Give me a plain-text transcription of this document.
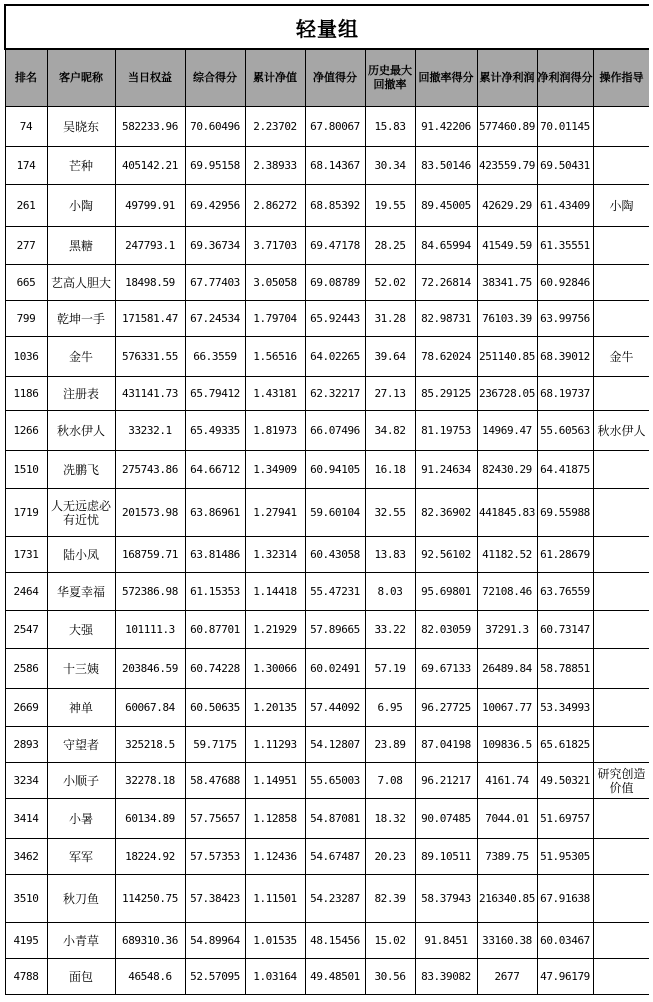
轻量组										
排名	客户昵称	当日权益	综合得分	累计净值	净值得分	历史最大回撤率	回撤率得分	累计净利润	净利润得分	操作指导
74	吴晓东	582233.96	70.60496	2.23702	67.80067	15.83	91.42206	577460.89	70.01145	
174	芒种	405142.21	69.95158	2.38933	68.14367	30.34	83.50146	423559.79	69.50431	
261	小陶	49799.91	69.42956	2.86272	68.85392	19.55	89.45005	42629.29	61.43409	小陶
277	黑糖	247793.1	69.36734	3.71703	69.47178	28.25	84.65994	41549.59	61.35551	
665	艺高人胆大	18498.59	67.77403	3.05058	69.08789	52.02	72.26814	38341.75	60.92846	
799	乾坤一手	171581.47	67.24534	1.79704	65.92443	31.28	82.98731	76103.39	63.99756	
1036	金牛	576331.55	66.3559	1.56516	64.02265	39.64	78.62024	251140.85	68.39012	金牛
1186	注册表	431141.73	65.79412	1.43181	62.32217	27.13	85.29125	236728.05	68.19737	
1266	秋水伊人	33232.1	65.49335	1.81973	66.07496	34.82	81.19753	14969.47	55.60563	秋水伊人
1510	冼鹏飞	275743.86	64.66712	1.34909	60.94105	16.18	91.24634	82430.29	64.41875	
1719	人无远虑必有近忧	201573.98	63.86961	1.27941	59.60104	32.55	82.36902	441845.83	69.55988	
1731	陆小凤	168759.71	63.81486	1.32314	60.43058	13.83	92.56102	41182.52	61.28679	
2464	华夏幸福	572386.98	61.15353	1.14418	55.47231	8.03	95.69801	72108.46	63.76559	
2547	大强	101111.3	60.87701	1.21929	57.89665	33.22	82.03059	37291.3	60.73147	
2586	十三姨	203846.59	60.74228	1.30066	60.02491	57.19	69.67133	26489.84	58.78851	
2669	神单	60067.84	60.50635	1.20135	57.44092	6.95	96.27725	10067.77	53.34993	
2893	守望者	325218.5	59.7175	1.11293	54.12807	23.89	87.04198	109836.5	65.61825	
3234	小顺子	32278.18	58.47688	1.14951	55.65003	7.08	96.21217	4161.74	49.50321	研究创造价值
3414	小暑	60134.89	57.75657	1.12858	54.87081	18.32	90.07485	7044.01	51.69757	
3462	军军	18224.92	57.57353	1.12436	54.67487	20.23	89.10511	7389.75	51.95305	
3510	秋刀鱼	114250.75	57.38423	1.11501	54.23287	82.39	58.37943	216340.85	67.91638	
4195	小青草	689310.36	54.89964	1.01535	48.15456	15.02	91.8451	33160.38	60.03467	
4788	面包	46548.6	52.57095	1.03164	49.48501	30.56	83.39082	2677	47.96179	
